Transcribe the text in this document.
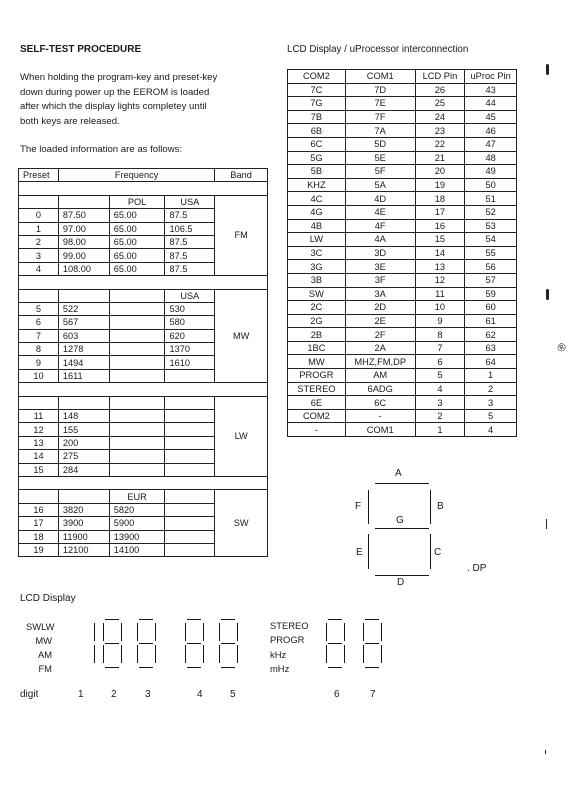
SELF-TEST PROCEDURE
When holding the program-key and preset-key
down during power up the EEROM is loaded
after which the display lights completey until
both keys are released.
The loaded information are as follows:
Preset	Frequency			Band

		POL	USA	FM
0	87.50	65.00	87.5	
1	97.00	65.00	106.5	
2	98.00	65.00	87.5	
3	99.00	65.00	87.5	
4	108.00	65.00	87.5	

			USA	MW
5	522		530	
6	567		580	
7	603		620	
8	1278		1370	
9	1494		1610	
10	1611			

				LW
11	148			
12	155			
13	200			
14	275			
15	284			

		EUR		SW
16	3820	5820		
17	3900	5900		
18	11900	13900		
19	12100	14100		
LCD Display / uProcessor interconnection
COM2	COM1	LCD Pin	uProc Pin
7C	7D	26	43
7G	7E	25	44
7B	7F	24	45
6B	7A	23	46
6C	5D	22	47
5G	5E	21	48
5B	5F	20	49
KHZ	5A	19	50
4C	4D	18	51
4G	4E	17	52
4B	4F	16	53
LW	4A	15	54
3C	3D	14	55
3G	3E	13	56
3B	3F	12	57
SW	3A	11	59
2C	2D	10	60
2G	2E	9	61
2B	2F	8	62
1BC	2A	7	63
MW	MHZ,FM,DP	6	64
PROGR	AM	5	1
STEREO	6ADG	4	2
6E	6C	3	3
COM2	-	2	5
-	COM1	1	4
®
A
F	B
G
E	C
D
. DP
LCD Display
SWLW
MW
AM
FM
STEREO
PROGR
kHz
mHz
digit	1	2	3	4	5	6	7
